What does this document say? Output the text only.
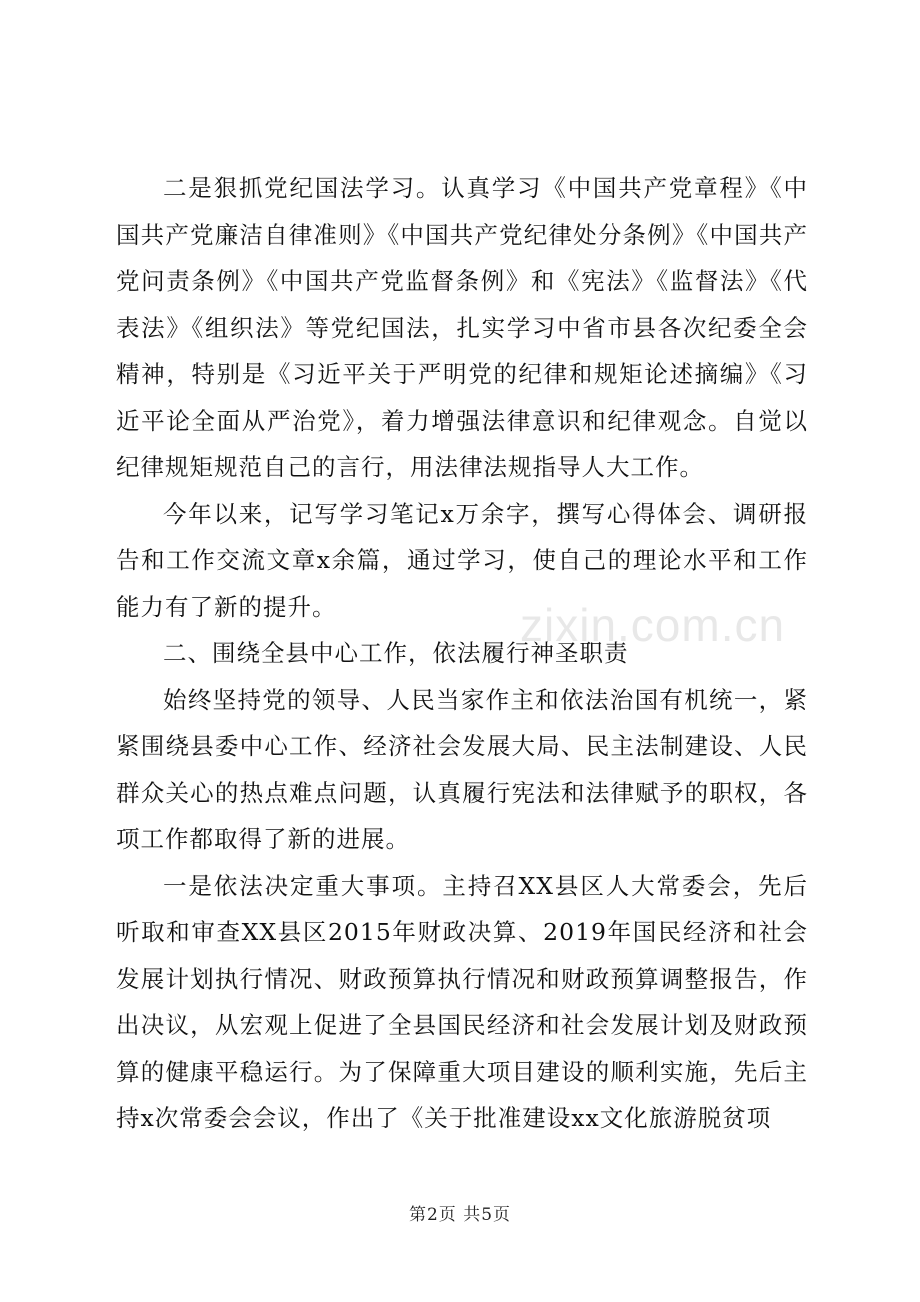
二是狠抓党纪国法学习。认真学习《中国共产党章程》《中国共产党廉洁自律准则》《中国共产党纪律处分条例》《中国共产党问责条例》《中国共产党监督条例》和《宪法》《监督法》《代表法》《组织法》等党纪国法，扎实学习中省市县各次纪委全会精神，特别是《习近平关于严明党的纪律和规矩论述摘编》《习近平论全面从严治党》，着力增强法律意识和纪律观念。自觉以纪律规矩规范自己的言行，用法律法规指导人大工作。

今年以来，记写学习笔记x万余字，撰写心得体会、调研报告和工作交流文章x余篇，通过学习，使自己的理论水平和工作能力有了新的提升。

二、围绕全县中心工作，依法履行神圣职责

始终坚持党的领导、人民当家作主和依法治国有机统一，紧紧围绕县委中心工作、经济社会发展大局、民主法制建设、人民群众关心的热点难点问题，认真履行宪法和法律赋予的职权，各项工作都取得了新的进展。

一是依法决定重大事项。主持召XX县区人大常委会，先后听取和审查XX县区2015年财政决算、2019年国民经济和社会发展计划执行情况、财政预算执行情况和财政预算调整报告，作出决议，从宏观上促进了全县国民经济和社会发展计划及财政预算的健康平稳运行。为了保障重大项目建设的顺利实施，先后主持x次常委会会议，作出了《关于批准建设xx文化旅游脱贫项

zixin.com.cn
第2页 共5页
